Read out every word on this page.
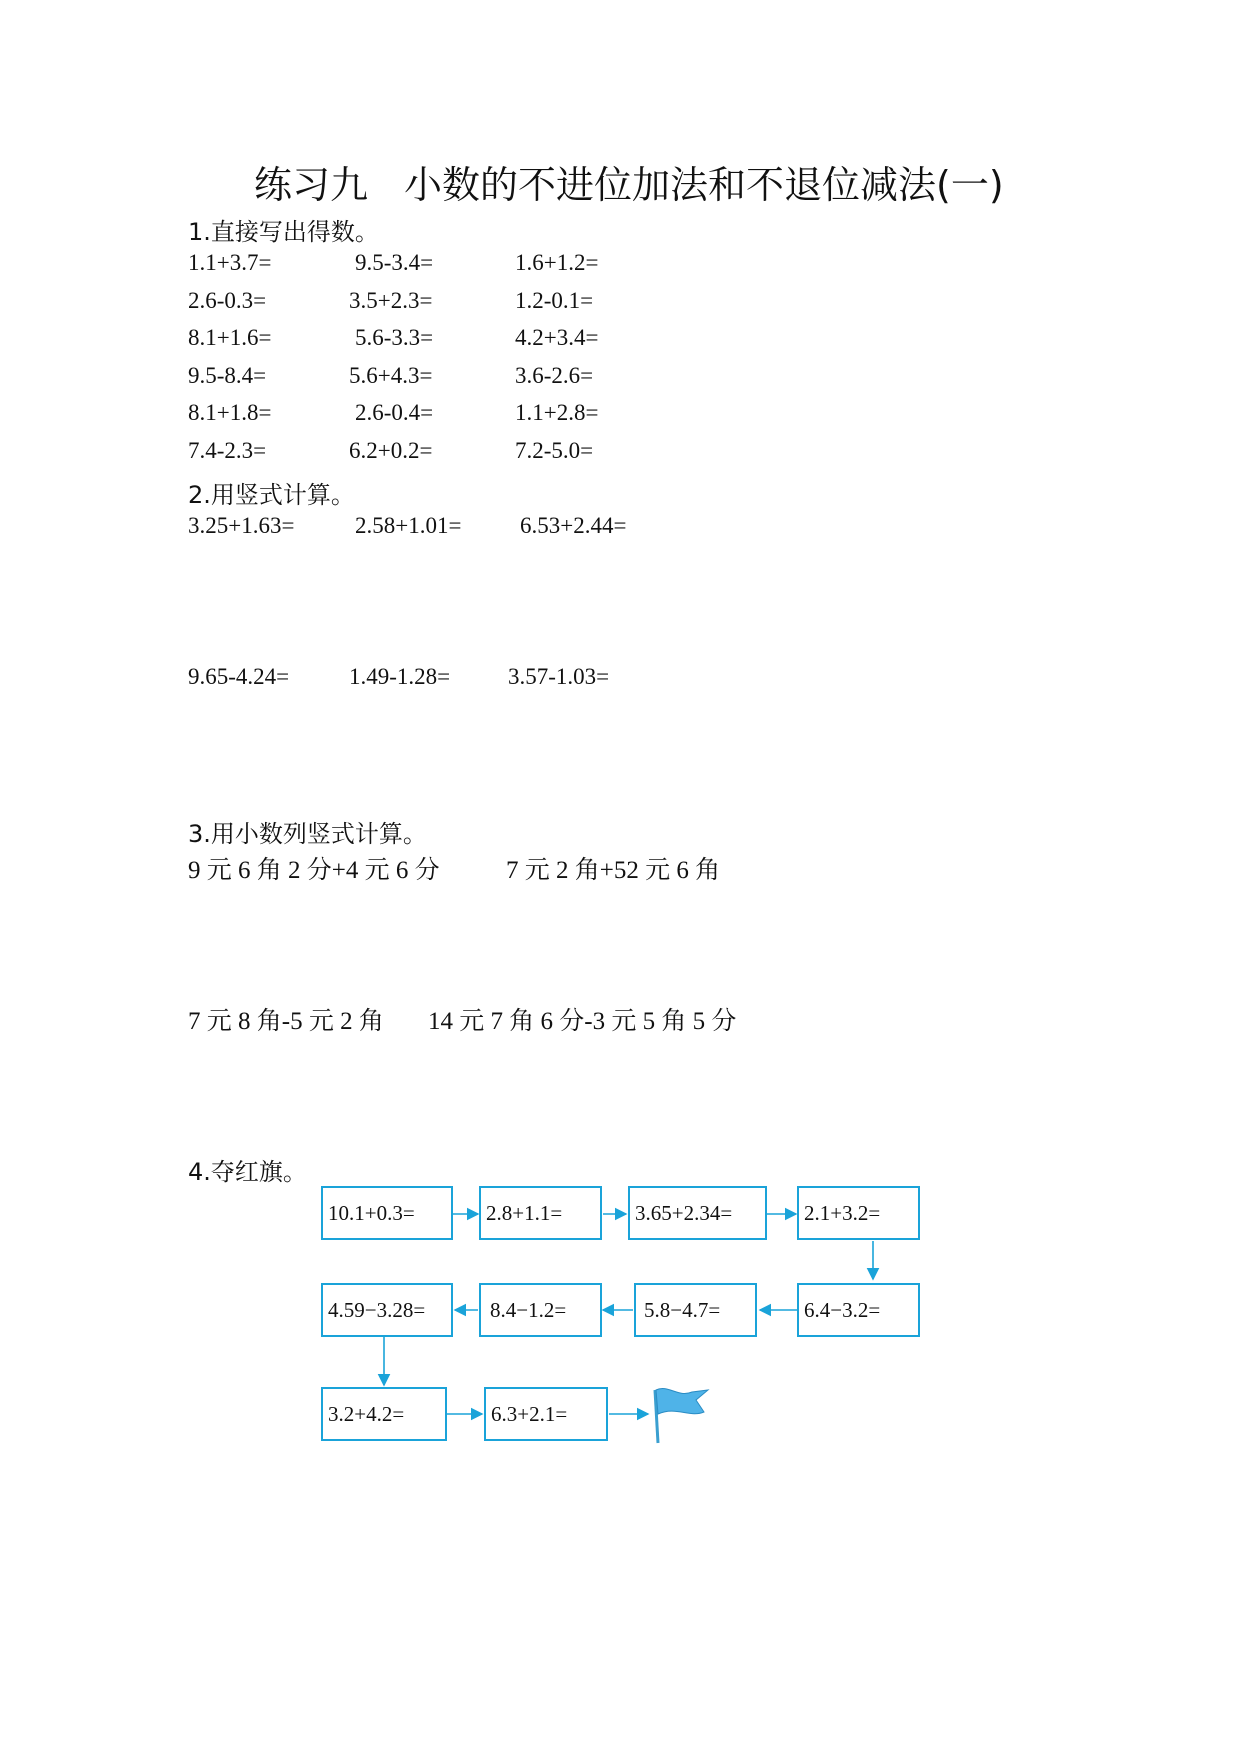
练习九 小数的不进位加法和不退位减法(一)
1.直接写出得数。
1.1+3.7=	9.5-3.4=	1.6+1.2=
2.6-0.3=	3.5+2.3=	1.2-0.1=
8.1+1.6=	5.6-3.3=	4.2+3.4=
9.5-8.4=	5.6+4.3=	3.6-2.6=
8.1+1.8=	2.6-0.4=	1.1+2.8=
7.4-2.3=	6.2+0.2=	7.2-5.0=
2.用竖式计算。
3.25+1.63=	2.58+1.01=	6.53+2.44=
9.65-4.24=	1.49-1.28=	3.57-1.03=
3.用小数列竖式计算。
9 元 6 角 2 分+4 元 6 分	7 元 2 角+52 元 6 角
7 元 8 角-5 元 2 角 14 元 7 角 6 分-3 元 5 角 5 分
4.夺红旗。
10.1+0.3=	2.8+1.1=	3.65+2.34=	2.1+3.2=
4.59−3.28=	8.4−1.2=	5.8−4.7=	6.4−3.2=
3.2+4.2=	6.3+2.1=
